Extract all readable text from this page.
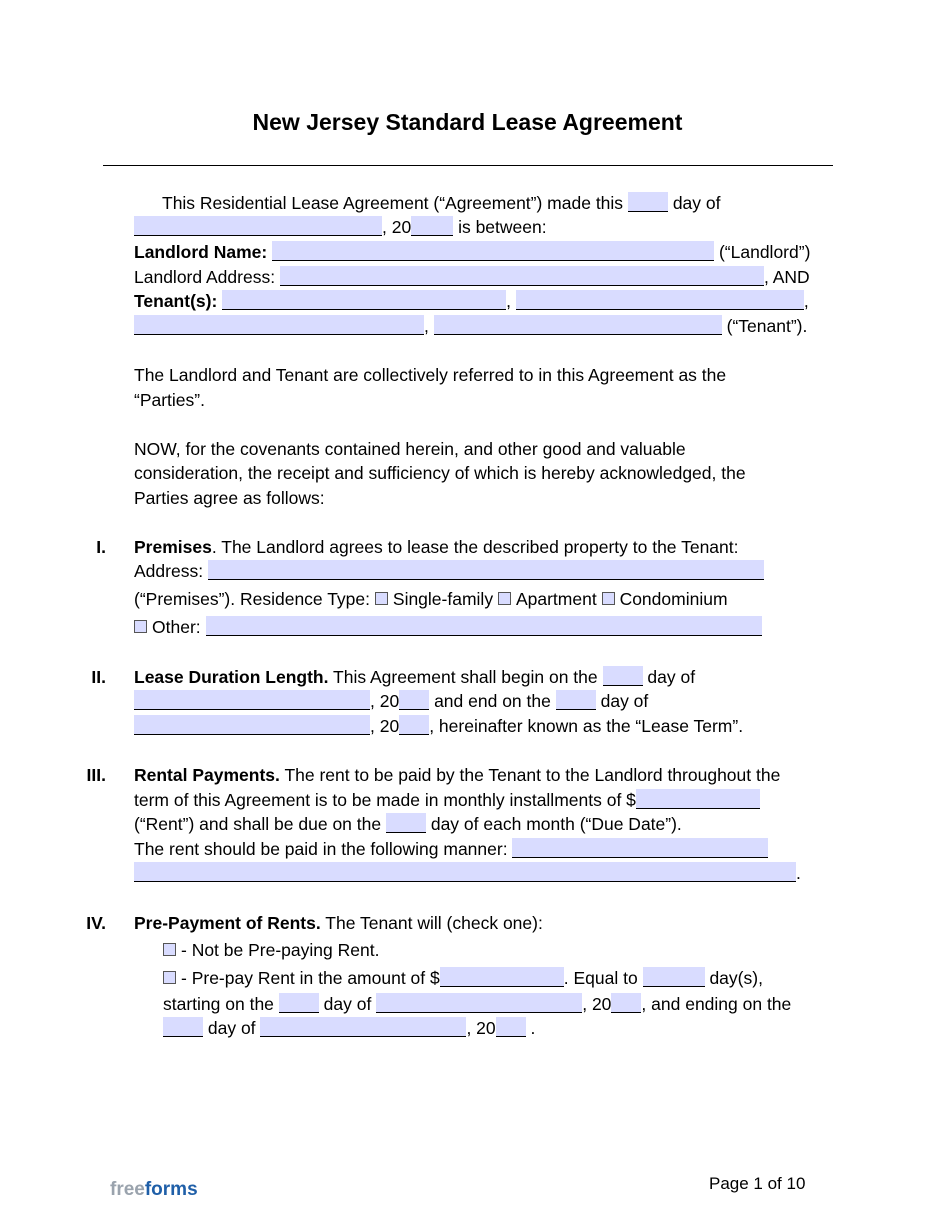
New Jersey Standard Lease Agreement
This Residential Lease Agreement (“Agreement”) made this	day of
, 20	is between:
Landlord Name:	(“Landlord”)
Landlord Address:	, AND
Tenant(s):	,	,
,	(“Tenant”).
The Landlord and Tenant are collectively referred to in this Agreement as the
“Parties”.
NOW, for the covenants contained herein, and other good and valuable
consideration, the receipt and sufficiency of which is hereby acknowledged, the
Parties agree as follows:
I. Premises. The Landlord agrees to lease the described property to the Tenant:
Address:
(“Premises”). Residence Type: Single-family Apartment Condominium
Other:
II. Lease Duration Length. This Agreement shall begin on the	day of
, 20 and end on the	day of
, 20 , hereinafter known as the “Lease Term”.
III. Rental Payments. The rent to be paid by the Tenant to the Landlord throughout the
term of this Agreement is to be made in monthly installments of $
(“Rent”) and shall be due on the	day of each month (“Due Date”).
The rent should be paid in the following manner:
.
IV. Pre-Payment of Rents. The Tenant will (check one):
- Not be Pre-paying Rent.
- Pre-pay Rent in the amount of $	. Equal to	day(s),
starting on the	day of	, 20 , and ending on the
day of	, 20 .
freeforms	Page 1 of 10
